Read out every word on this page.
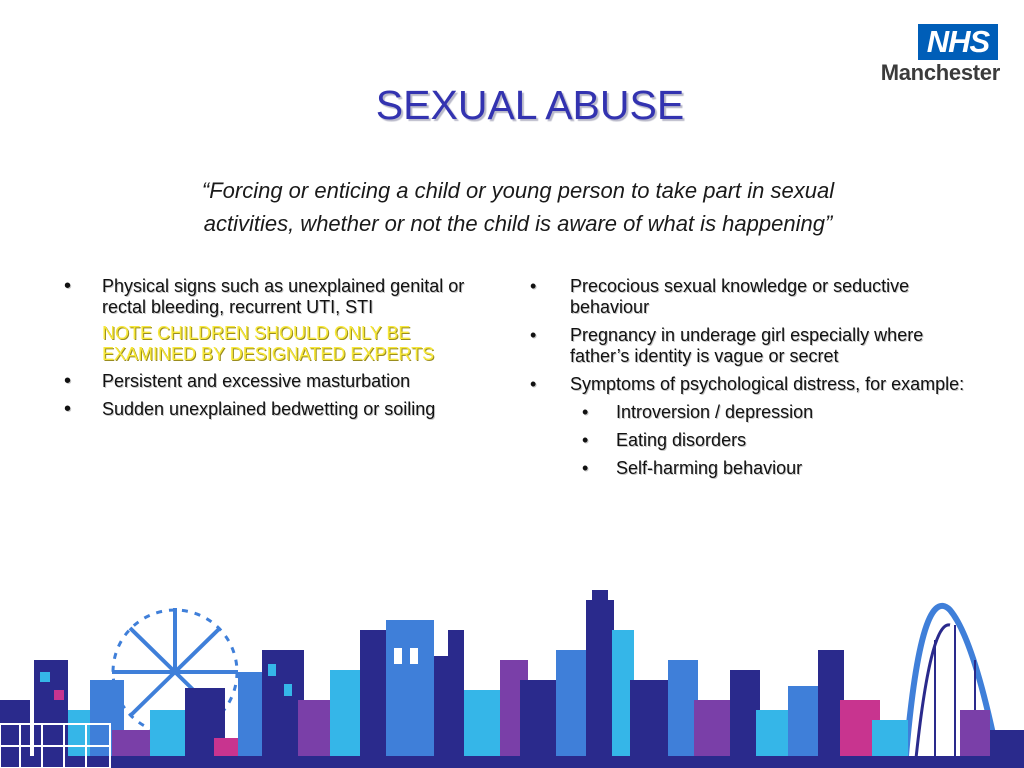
NHS
Manchester
SEXUAL ABUSE
“Forcing or enticing a child or young person to take part in sexual
activities, whether or not the child is aware of what is happening”
• Physical signs such as unexplained genital or rectal bleeding, recurrent UTI, STI
NOTE CHILDREN SHOULD ONLY BE EXAMINED BY DESIGNATED EXPERTS
• Persistent and excessive masturbation
• Sudden unexplained bedwetting or soiling
• Precocious sexual knowledge or seductive behaviour
• Pregnancy in underage girl especially where father’s identity is vague or secret
• Symptoms of psychological distress, for example:
• Introversion / depression
• Eating disorders
• Self-harming behaviour
